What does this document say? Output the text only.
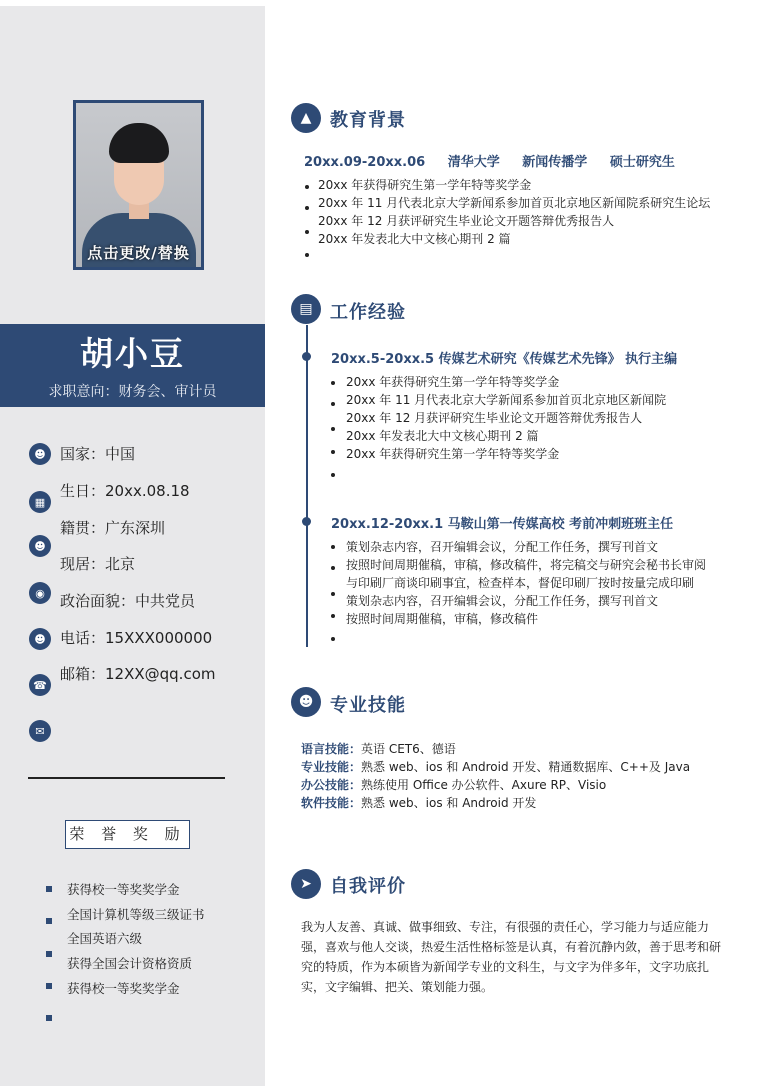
点击更改/替换
胡小豆
求职意向：财务会、审计员
☻ 国家：中国
▦
生日：20xx.08.18
籍贯：广东深圳
☻
现居：北京
◉	政治面貌：中共党员
☻ 电话：15XXX000000
☎
邮箱：12XX@qq.com
✉
荣 誉 奖 励
获得校一等奖奖学金
全国计算机等级三级证书
全国英语六级
获得全国会计资格资质
获得校一等奖奖学金
▲	教育背景
20xx.09-20xx.06 清华大学 新闻传播学 硕士研究生
20xx 年获得研究生第一学年特等奖学金
20xx 年 11 月代表北京大学新闻系参加首页北京地区新闻院系研究生论坛
20xx 年 12 月获评研究生毕业论文开题答辩优秀报告人
20xx 年发表北大中文核心期刊 2 篇
▤ 工作经验
20xx.5-20xx.5 传媒艺术研究《传媒艺术先锋》 执行主编
20xx 年获得研究生第一学年特等奖学金
20xx 年 11 月代表北京大学新闻系参加首页北京地区新闻院
20xx 年 12 月获评研究生毕业论文开题答辩优秀报告人
20xx 年发表北大中文核心期刊 2 篇
20xx 年获得研究生第一学年特等奖学金
20xx.12-20xx.1 马鞍山第一传媒高校 考前冲刺班班主任
策划杂志内容，召开编辑会议，分配工作任务，撰写刊首文
按照时间周期催稿，审稿，修改稿件，将完稿交与研究会秘书长审阅
与印刷厂商谈印刷事宜，检查样本，督促印刷厂按时按量完成印刷
策划杂志内容，召开编辑会议，分配工作任务，撰写刊首文
按照时间周期催稿，审稿，修改稿件
☻ 专业技能
语言技能：英语 CET6、德语
专业技能：熟悉 web、ios 和 Android 开发、精通数据库、C++及 Java
办公技能：熟练使用 Office 办公软件、Axure RP、Visio
软件技能：熟悉 web、ios 和 Android 开发
➤	自我评价
我为人友善、真诚、做事细致、专注，有很强的责任心，学习能力与适应能力强，喜欢与他人交谈，热爱生活性格标签是认真，有着沉静内敛，善于思考和研究的特质，作为本硕皆为新闻学专业的文科生，与文字为伴多年，文字功底扎实，文字编辑、把关、策划能力强。
